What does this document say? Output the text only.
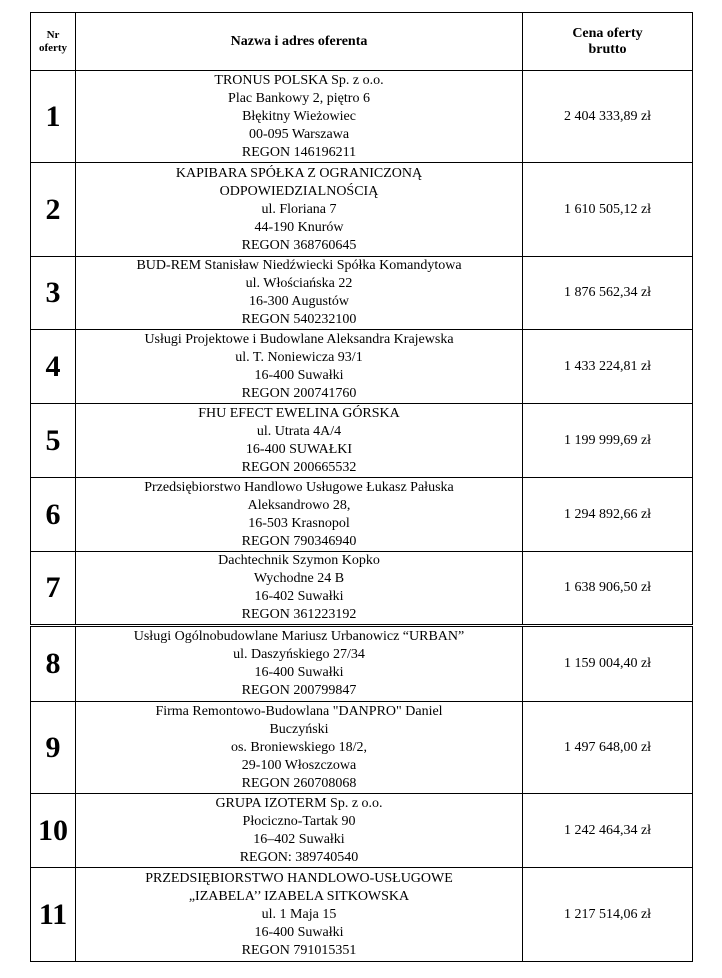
Nr
oferty	Nazwa i adres oferenta	Cena oferty
brutto
1	TRONUS POLSKA Sp. z o.o.
Plac Bankowy 2, piętro 6
Błękitny Wieżowiec
00-095 Warszawa
REGON 146196211	2 404 333,89 zł
2	KAPIBARA SPÓŁKA Z OGRANICZONĄ
ODPOWIEDZIALNOŚCIĄ
ul. Floriana 7
44-190 Knurów
REGON 368760645	1 610 505,12 zł
3	BUD-REM Stanisław Niedźwiecki Spółka Komandytowa
ul. Włościańska 22
16-300 Augustów
REGON 540232100	1 876 562,34 zł
4	Usługi Projektowe i Budowlane Aleksandra Krajewska
ul. T. Noniewicza 93/1
16-400 Suwałki
REGON 200741760	1 433 224,81 zł
5	FHU EFECT EWELINA GÓRSKA
ul. Utrata 4A/4
16-400 SUWAŁKI
REGON 200665532	1 199 999,69 zł
6	Przedsiębiorstwo Handlowo Usługowe Łukasz Pałuska
Aleksandrowo 28,
16-503 Krasnopol
REGON 790346940	1 294 892,66 zł
7	Dachtechnik Szymon Kopko
Wychodne 24 B
16-402 Suwałki
REGON 361223192	1 638 906,50 zł
8	Usługi Ogólnobudowlane Mariusz Urbanowicz “URBAN”
ul. Daszyńskiego 27/34
16-400 Suwałki
REGON 200799847	1 159 004,40 zł
9	Firma Remontowo-Budowlana "DANPRO" Daniel
Buczyński
os. Broniewskiego 18/2,
29-100 Włoszczowa
REGON 260708068	1 497 648,00 zł
10	GRUPA IZOTERM Sp. z o.o.
Płociczno-Tartak 90
16–402 Suwałki
REGON: 389740540	1 242 464,34 zł
11	PRZEDSIĘBIORSTWO HANDLOWO-USŁUGOWE
„IZABELA’’ IZABELA SITKOWSKA
ul. 1 Maja 15
16-400 Suwałki
REGON 791015351	1 217 514,06 zł
